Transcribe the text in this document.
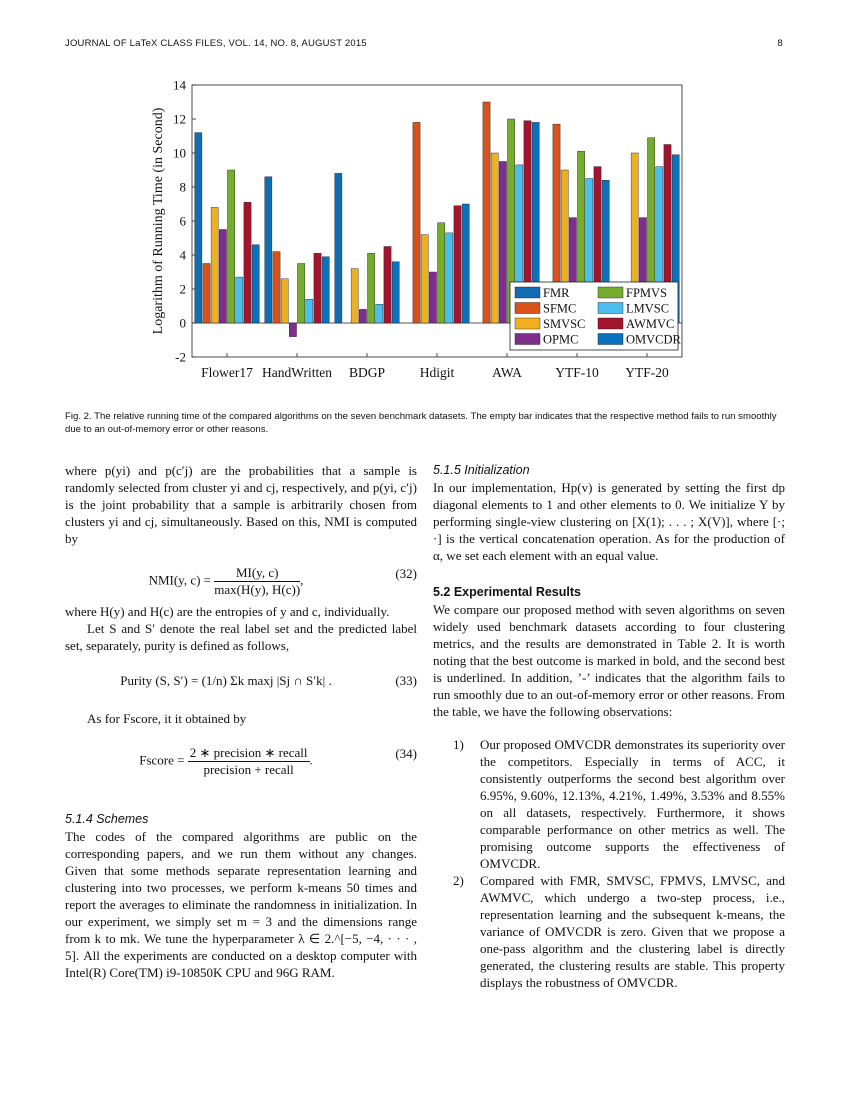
JOURNAL OF LaTeX CLASS FILES, VOL. 14, NO. 8, AUGUST 2015	8
-2
0
2
4
6
8
10
12
14
Flower17 HandWritten BDGP	Hdigit	AWA YTF-10 YTF-20
Logarithm of Running Time (in Second)	FMR	FPMVS
SFMC	LMVSC
SMVSC	AWMVC
OPMC	OMVCDR
Fig. 2. The relative running time of the compared algorithms on the seven benchmark datasets. The empty bar indicates that the respective method fails to run smoothly due to an out-of-memory error or other reasons.

where p(yi) and p(c′j) are the probabilities that a sample is randomly selected from cluster yi and cj, respectively, and p(yi, c′j) is the joint probability that a sample is arbitrarily chosen from clusters yi and cj, simultaneously. Based on this, NMI is computed by

NMI(y, $c) = \frac{MI(y, c)}{\max(H(y), H(c))}$ ,	(32)

where H(y) and H(c) are the entropies of y and c, individually.

Let S and S′ denote the real label set and the predicted label set, separately, purity is defined as follows,

Purity (S, S′) = (1/n) Σk maxj |Sj ∩ S′k| .	(33)

As for Fscore, it it obtained by

Fscore = $\frac{\text{2 ∗ precision ∗ recall}}{\text{precision + recall}}$ .	(34)

5.1.4 Schemes

The codes of the compared algorithms are public on the corresponding papers, and we run them without any changes. Given that some methods separate representation learning and clustering into two processes, we perform k-means 50 times and report the averages to eliminate the randomness in initialization. In our experiment, we simply set m = 3 and the dimensions range from k to mk. We tune the hyperparameter λ ∈ 2.^[−5, −4, · · · , 5]. All the experiments are conducted on a desktop computer with Intel(R) Core(TM) i9-10850K CPU and 96G RAM.

5.1.5 Initialization

In our implementation, Hp(v) is generated by setting the first dp diagonal elements to 1 and other elements to 0. We initialize Y by performing single-view clustering on [X(1); . . . ; X(V)], where [·; ·] is the vertical concatenation operation. As for the production of α, we set each element with an equal value.

5.2 Experimental Results

We compare our proposed method with seven algorithms on seven widely used benchmark datasets according to four clustering metrics, and the results are demonstrated in Table 2. It is worth noting that the best outcome is marked in bold, and the second best is underlined. In addition, ’-’ indicates that the algorithm fails to run smoothly due to an out-of-memory error or other reasons. From the table, we have the following observations:

1) Our proposed OMVCDR demonstrates its superiority over the competitors. Especially in terms of ACC, it consistently outperforms the second best algorithm over 6.95%, 9.60%, 12.13%, 4.21%, 1.49%, 3.53% and 8.55% on all datasets, respectively. Furthermore, it shows comparable performance on other metrics as well. The promising outcome supports the effectiveness of OMVCDR.
2) Compared with FMR, SMVSC, FPMVS, LMVSC, and AWMVC, which undergo a two-step process, i.e., representation learning and the subsequent k-means, the variance of OMVCDR is zero. Given that we propose a one-pass algorithm and the clustering label is directly generated, the clustering results are stable. This property displays the robustness of OMVCDR.
